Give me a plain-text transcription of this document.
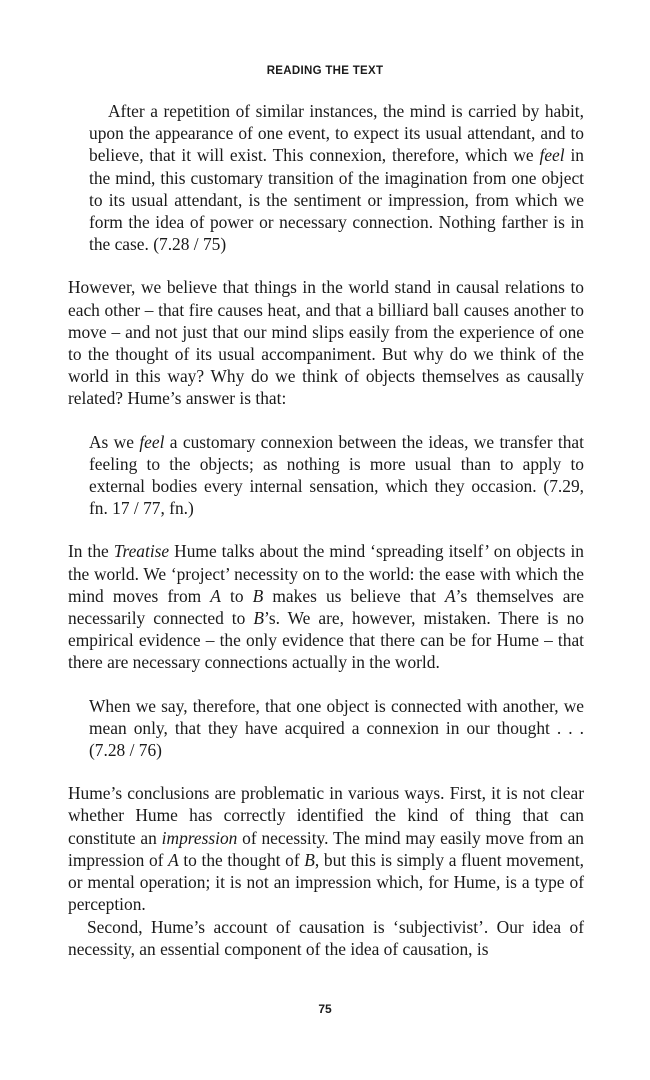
READING THE TEXT

After a repetition of similar instances, the mind is carried by habit, upon the appearance of one event, to expect its usual attendant, and to believe, that it will exist. This connexion, therefore, which we feel in the mind, this customary transition of the imagination from one object to its usual attendant, is the sentiment or impression, from which we form the idea of power or necessary connection. Nothing farther is in the case. (7.28 / 75)

However, we believe that things in the world stand in causal relations to each other – that fire causes heat, and that a billiard ball causes another to move – and not just that our mind slips easily from the experience of one to the thought of its usual accompaniment. But why do we think of the world in this way? Why do we think of objects themselves as causally related? Hume’s answer is that:

As we feel a customary connexion between the ideas, we transfer that feeling to the objects; as nothing is more usual than to apply to external bodies every internal sensation, which they occasion. (7.29, fn. 17 / 77, fn.)

In the Treatise Hume talks about the mind ‘spreading itself’ on objects in the world. We ‘project’ necessity on to the world: the ease with which the mind moves from A to B makes us believe that A’s themselves are necessarily connected to B’s. We are, however, mistaken. There is no empirical evidence – the only evidence that there can be for Hume – that there are necessary connections actually in the world.

When we say, therefore, that one object is connected with another, we mean only, that they have acquired a connexion in our thought . . . (7.28 / 76)

Hume’s conclusions are problematic in various ways. First, it is not clear whether Hume has correctly identified the kind of thing that can constitute an impression of necessity. The mind may easily move from an impression of A to the thought of B, but this is simply a fluent movement, or mental operation; it is not an impression which, for Hume, is a type of perception.

Second, Hume’s account of causation is ‘subjectivist’. Our idea of necessity, an essential component of the idea of causation, is

75
